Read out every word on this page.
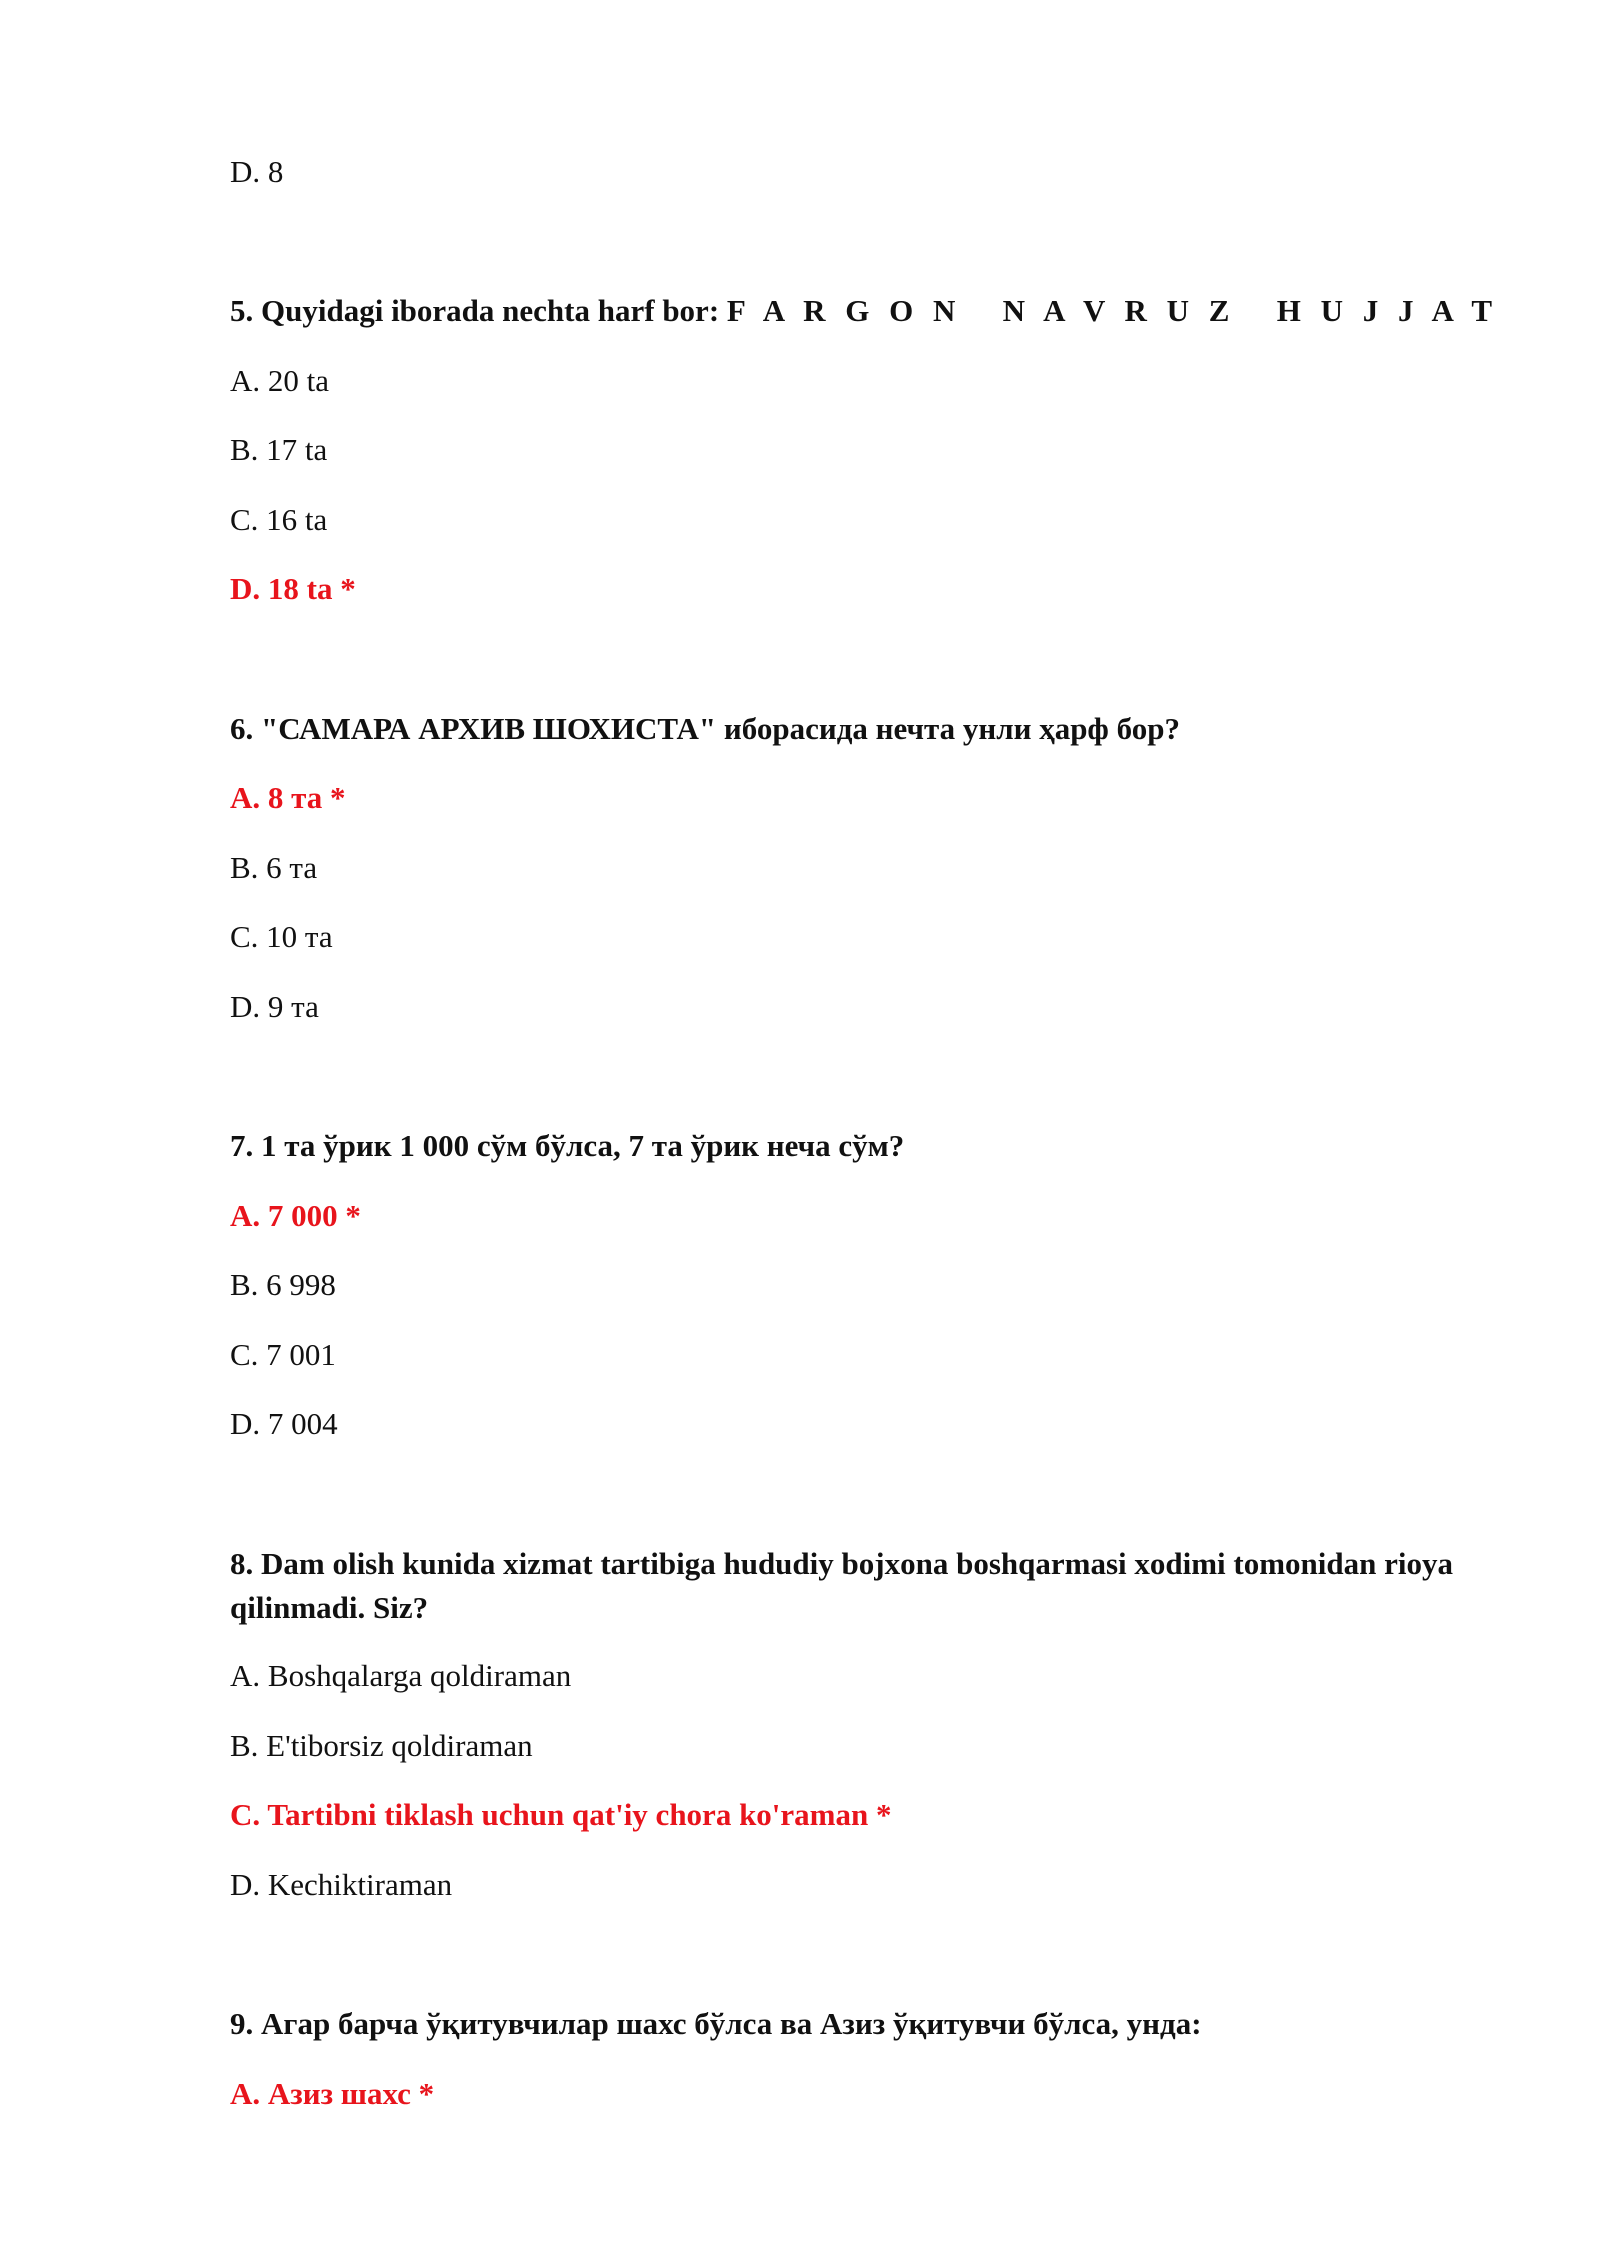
D. 8
5. Quyidagi iborada nechta harf bor: F A R G O N   N A V R U Z   H U J J A T
A. 20 ta
B. 17 ta
C. 16 ta
D. 18 ta *
6. "САМАРА АРХИВ ШОХИСТА" иборасида нечта унли ҳарф бор?
А. 8 та *
B. 6 та
C. 10 та
D. 9 та
7. 1 та ўрик 1 000 сўм бўлса, 7 та ўрик неча сўм?
A. 7 000 *
B. 6 998
C. 7 001
D. 7 004
8. Dam olish kunida xizmat tartibiga hududiy bojxona boshqarmasi xodimi tomonidan rioya qilinmadi. Siz?
A. Boshqalarga qoldiraman
B. E'tiborsiz qoldiraman
C. Tartibni tiklash uchun qat'iy chora ko'raman *
D. Kechiktiraman
9. Агар барча ўқитувчилар шахс бўлса ва Азиз ўқитувчи бўлса, унда:
А. Азиз шахс *
